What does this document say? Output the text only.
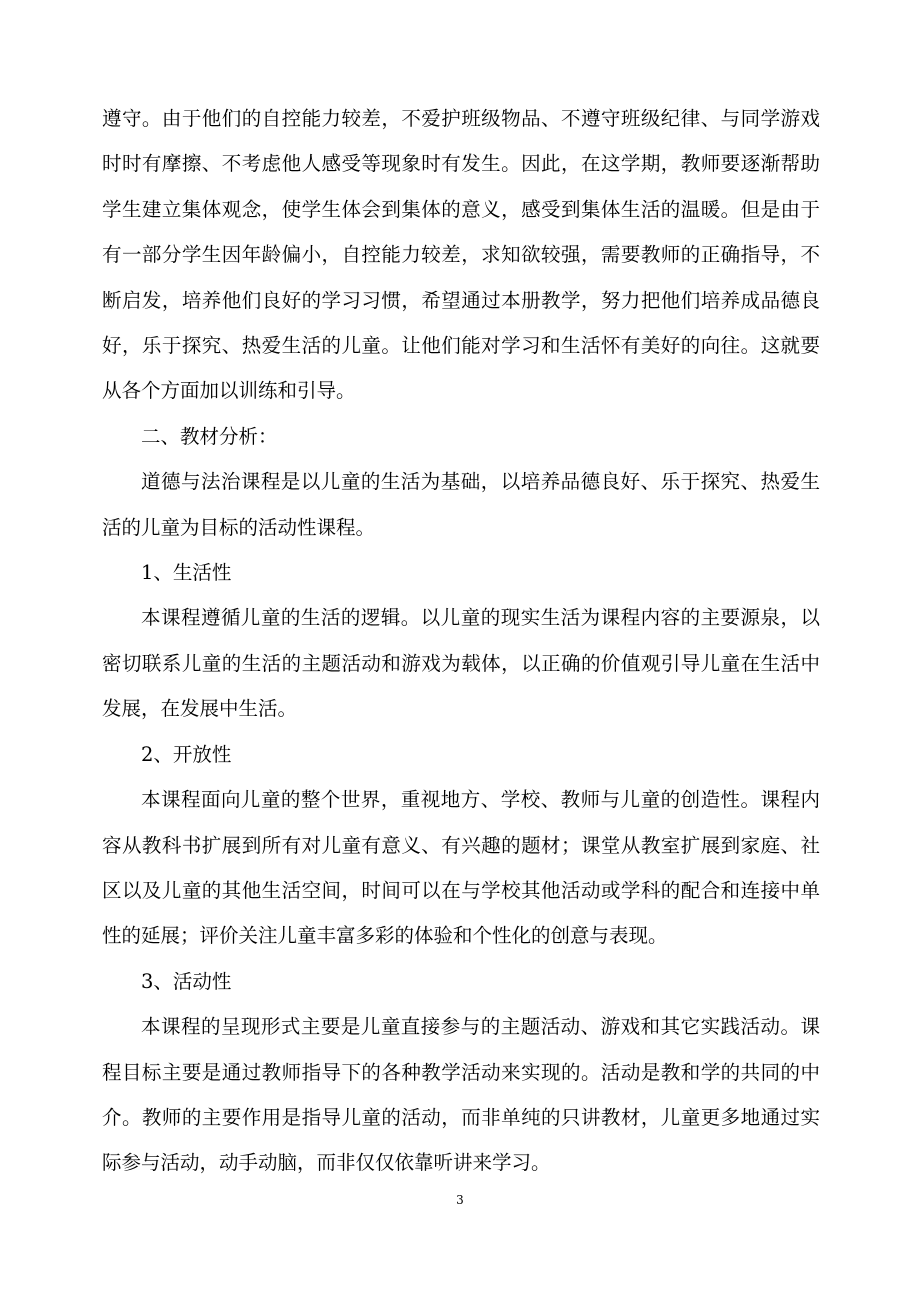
遵守。由于他们的自控能力较差，不爱护班级物品、不遵守班级纪律、与同学游戏时时有摩擦、不考虑他人感受等现象时有发生。因此，在这学期，教师要逐渐帮助学生建立集体观念，使学生体会到集体的意义，感受到集体生活的温暖。但是由于有一部分学生因年龄偏小，自控能力较差，求知欲较强，需要教师的正确指导，不断启发，培养他们良好的学习习惯，希望通过本册教学，努力把他们培养成品德良好，乐于探究、热爱生活的儿童。让他们能对学习和生活怀有美好的向往。这就要从各个方面加以训练和引导。

二、教材分析：

道德与法治课程是以儿童的生活为基础，以培养品德良好、乐于探究、热爱生活的儿童为目标的活动性课程。

1、生活性

本课程遵循儿童的生活的逻辑。以儿童的现实生活为课程内容的主要源泉，以密切联系儿童的生活的主题活动和游戏为载体，以正确的价值观引导儿童在生活中发展，在发展中生活。

2、开放性

本课程面向儿童的整个世界，重视地方、学校、教师与儿童的创造性。课程内容从教科书扩展到所有对儿童有意义、有兴趣的题材；课堂从教室扩展到家庭、社区以及儿童的其他生活空间，时间可以在与学校其他活动或学科的配合和连接中单性的延展；评价关注儿童丰富多彩的体验和个性化的创意与表现。

3、活动性

本课程的呈现形式主要是儿童直接参与的主题活动、游戏和其它实践活动。课程目标主要是通过教师指导下的各种教学活动来实现的。活动是教和学的共同的中介。教师的主要作用是指导儿童的活动，而非单纯的只讲教材，儿童更多地通过实际参与活动，动手动脑，而非仅仅依靠听讲来学习。

3
